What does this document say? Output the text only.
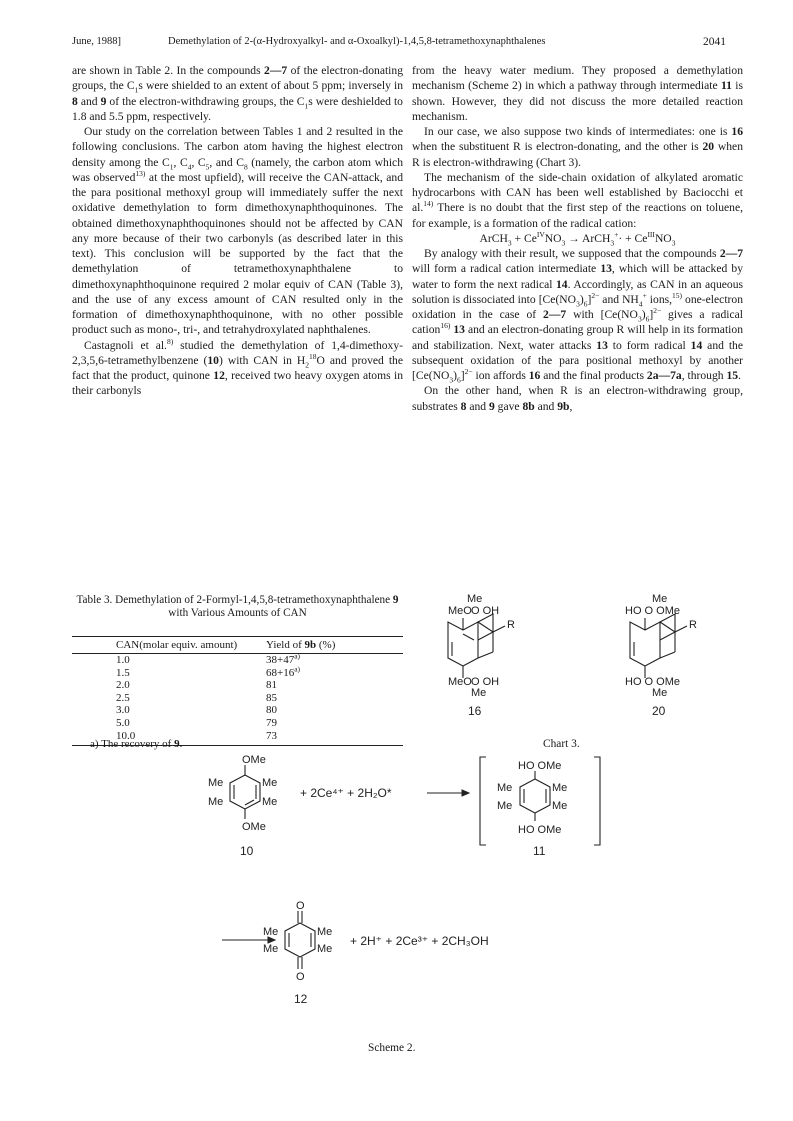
June, 1988]	Demethylation of 2-(α-Hydroxyalkyl- and α-Oxoalkyl)-1,4,5,8-tetramethoxynaphthalenes	2041

are shown in Table 2. In the compounds 2—7 of the electron-donating groups, the $C_1s$ were shielded to an extent of about 5 ppm; inversely in 8 and 9 of the electron-withdrawing groups, the $C_1s$ were deshielded to 1.8 and 5.5 ppm, respectively.

Our study on the correlation between Tables 1 and 2 resulted in the following conclusions. The carbon atom having the highest electron density among the $C_1$, $C_4$, $C_5$, and $C_8$ (namely, the carbon atom which was observed$^{13)}$ at the most upfield), will receive the CAN-attack, and the para positional methoxyl group will immediately suffer the next oxidative demethylation to form dimethoxynaphthoquinones. The obtained dimethoxynaphthoquinones should not be affected by CAN any more because of their two carbonyls (as described later in this text). This conclusion will be supported by the fact that the demethylation of tetramethoxynaphthalene to dimethoxynaphthoquinone required 2 molar equiv of CAN (Table 3), and the use of any excess amount of CAN resulted only in the formation of dimethoxynaphthoquinone, with no other possible product such as mono-, tri-, and tetrahydroxylated naphthalenes.

Castagnoli et al.$^{8)}$ studied the demethylation of 1,4-dimethoxy-2,3,5,6-tetramethylbenzene (10) with CAN in $H_2^{18}O$ and proved the fact that the product, quinone 12, received two heavy oxygen atoms in their carbonyls

from the heavy water medium. They proposed a demethylation mechanism (Scheme 2) in which a pathway through intermediate 11 is shown. However, they did not discuss the more detailed reaction mechanism.

In our case, we also suppose two kinds of intermediates: one is 16 when the substituent R is electron-donating, and the other is 20 when R is electron-withdrawing (Chart 3).

The mechanism of the side-chain oxidation of alkylated aromatic hydrocarbons with CAN has been well established by Baciocchi et al.$^{14)}$ There is no doubt that the first step of the reactions on toluene, for example, is a formation of the radical cation:

ArCH$_3$ + $Ce^{IV}NO_3$ → ArCH$_3$+· + $Ce^{III}NO_3$

By analogy with their result, we supposed that the compounds 2—7 will form a radical cation intermediate 13, which will be attacked by water to form the next radical 14. Accordingly, as CAN in an aqueous solution is dissociated into $[Ce(NO_3)_6]^{2-}$ and $NH_4^+$ ions,$^{15)}$ one-electron oxidation in the case of 2—7 with $[Ce(NO_3)_6]^{2-}$ gives a radical cation$^{16)}$ 13 and an electron-donating group R will help in its formation and stabilization. Next, water attacks 13 to form radical 14 and the subsequent oxidation of the para positional methoxyl by another $[Ce(NO_3)_6]^{2-}$ ion affords 16 and the final products 2a—7a, through 15.

On the other hand, when R is an electron-withdrawing group, substrates 8 and 9 gave 8b and 9b,

Table 3. Demethylation of 2-Formyl-1,4,5,8-tetramethoxynaphthalene 9 with Various Amounts of CAN
CAN(molar equiv. amount)	Yield of 9b (%)
1.0	$38+47^{a)}$
1.5	$68+16^{a)}$
2.0	81
2.5	85
3.0	80
5.0	79
10.0	73
a) The recovery of 9.
MeO
Me
O OH
R
MeO O OH
Me
16
HO O OMe
Me
R
HO O OMe
Me
20
Chart 3.
OMe
Me	Me
Me	Me
OMe
10
+ 2Ce⁴⁺ + 2H₂O*
HO OMe
Me	Me
Me	Me
HO OMe
11
O
Me	Me
Me	Me
O
12
+ 2H⁺ + 2Ce³⁺ + 2CH₃OH
Scheme 2.
